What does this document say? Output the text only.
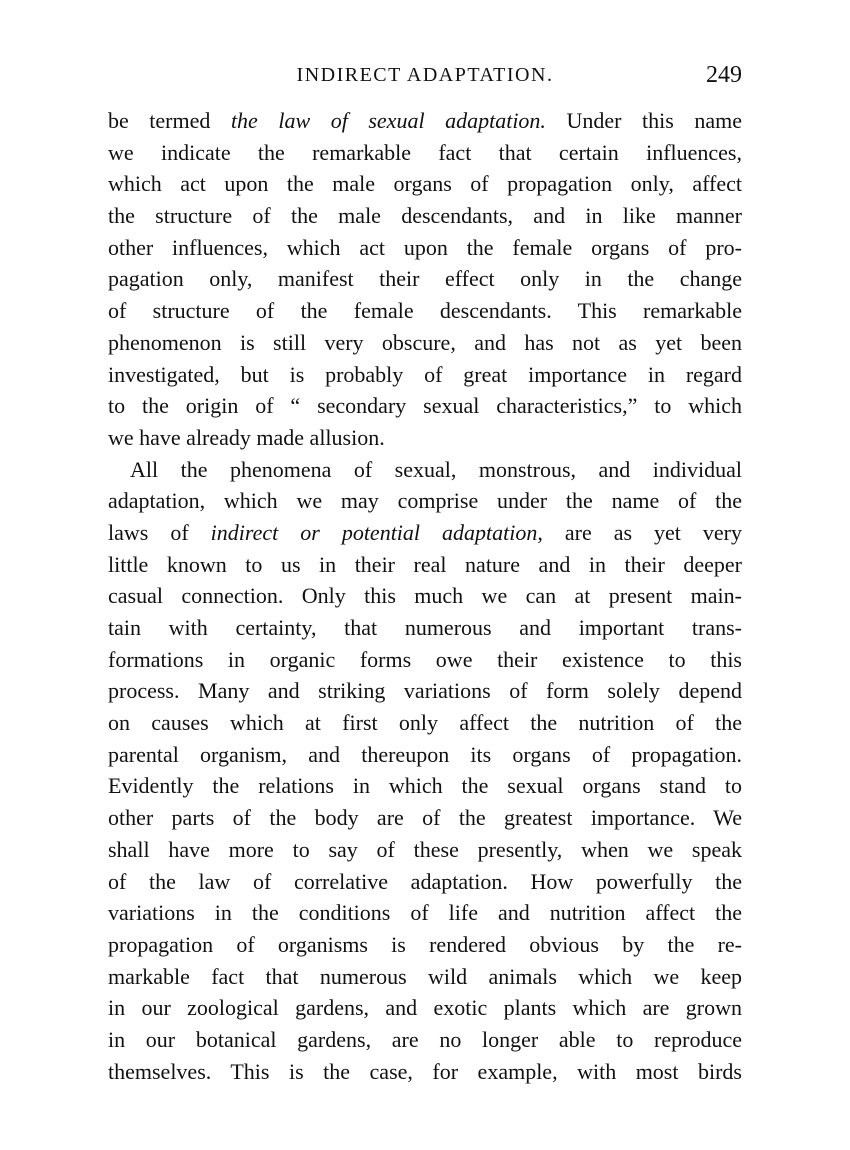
INDIRECT ADAPTATION.	249
be termed the law of sexual adaptation. Under this name
we indicate the remarkable fact that certain influences,
which act upon the male organs of propagation only, affect
the structure of the male descendants, and in like manner
other influences, which act upon the female organs of pro-
pagation only, manifest their effect only in the change
of structure of the female descendants. This remarkable
phenomenon is still very obscure, and has not as yet been
investigated, but is probably of great importance in regard
to the origin of “ secondary sexual characteristics,” to which
we have already made allusion.
All the phenomena of sexual, monstrous, and individual
adaptation, which we may comprise under the name of the
laws of indirect or potential adaptation, are as yet very
little known to us in their real nature and in their deeper
casual connection. Only this much we can at present main-
tain with certainty, that numerous and important trans-
formations in organic forms owe their existence to this
process. Many and striking variations of form solely depend
on causes which at first only affect the nutrition of the
parental organism, and thereupon its organs of propagation.
Evidently the relations in which the sexual organs stand to
other parts of the body are of the greatest importance. We
shall have more to say of these presently, when we speak
of the law of correlative adaptation. How powerfully the
variations in the conditions of life and nutrition affect the
propagation of organisms is rendered obvious by the re-
markable fact that numerous wild animals which we keep
in our zoological gardens, and exotic plants which are grown
in our botanical gardens, are no longer able to reproduce
themselves. This is the case, for example, with most birds
